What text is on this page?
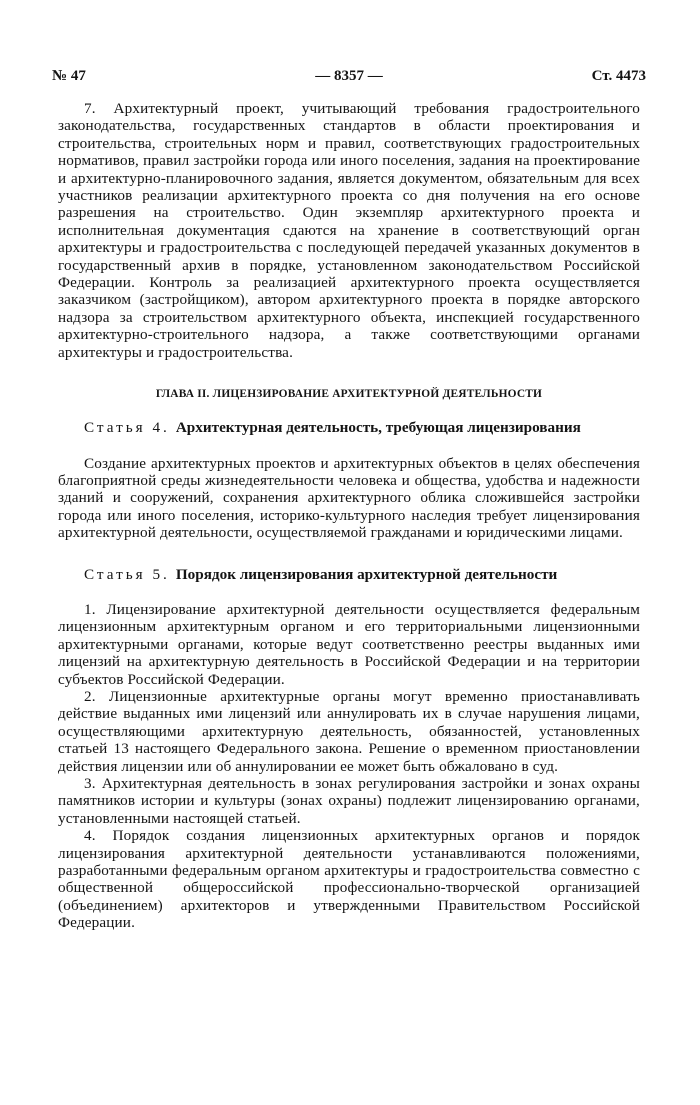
№ 47	— 8357 —	Ст. 4473

7. Архитектурный проект, учитывающий требования градостроительного законодательства, государственных стандартов в области проектирования и строительства, строительных норм и правил, соответствующих градостроительных нормативов, правил застройки города или иного поселения, задания на проектирование и архитектурно-планировочного задания, является документом, обязательным для всех участников реализации архитектурного проекта со дня получения на его основе разрешения на строительство. Один экземпляр архитектурного проекта и исполнительная документация сдаются на хранение в соответствующий орган архитектуры и градостроительства с последующей передачей указанных документов в государственный архив в порядке, установленном законодательством Российской Федерации. Контроль за реализацией архитектурного проекта осуществляется заказчиком (застройщиком), автором архитектурного проекта в порядке авторского надзора за строительством архитектурного объекта, инспекцией государственного архитектурно-строительного надзора, а также соответствующими органами архитектуры и градостроительства.

ГЛАВА II. ЛИЦЕНЗИРОВАНИЕ АРХИТЕКТУРНОЙ ДЕЯТЕЛЬНОСТИ
Статья 4. Архитектурная деятельность, требующая лицензирования

Создание архитектурных проектов и архитектурных объектов в целях обеспечения благоприятной среды жизнедеятельности человека и общества, удобства и надежности зданий и сооружений, сохранения архитектурного облика сложившейся застройки города или иного поселения, историко-культурного наследия требует лицензирования архитектурной деятельности, осуществляемой гражданами и юридическими лицами.

Статья 5. Порядок лицензирования архитектурной деятельности

1. Лицензирование архитектурной деятельности осуществляется федеральным лицензионным архитектурным органом и его территориальными лицензионными архитектурными органами, которые ведут соответственно реестры выданных ими лицензий на архитектурную деятельность в Российской Федерации и на территории субъектов Российской Федерации.

2. Лицензионные архитектурные органы могут временно приостанавливать действие выданных ими лицензий или аннулировать их в случае нарушения лицами, осуществляющими архитектурную деятельность, обязанностей, установленных статьей 13 настоящего Федерального закона. Решение о временном приостановлении действия лицензии или об аннулировании ее может быть обжаловано в суд.

3. Архитектурная деятельность в зонах регулирования застройки и зонах охраны памятников истории и культуры (зонах охраны) подлежит лицензированию органами, установленными настоящей статьей.

4. Порядок создания лицензионных архитектурных органов и порядок лицензирования архитектурной деятельности устанавливаются положениями, разработанными федеральным органом архитектуры и градостроительства совместно с общественной общероссийской профессионально-творческой организацией (объединением) архитекторов и утвержденными Правительством Российской Федерации.
